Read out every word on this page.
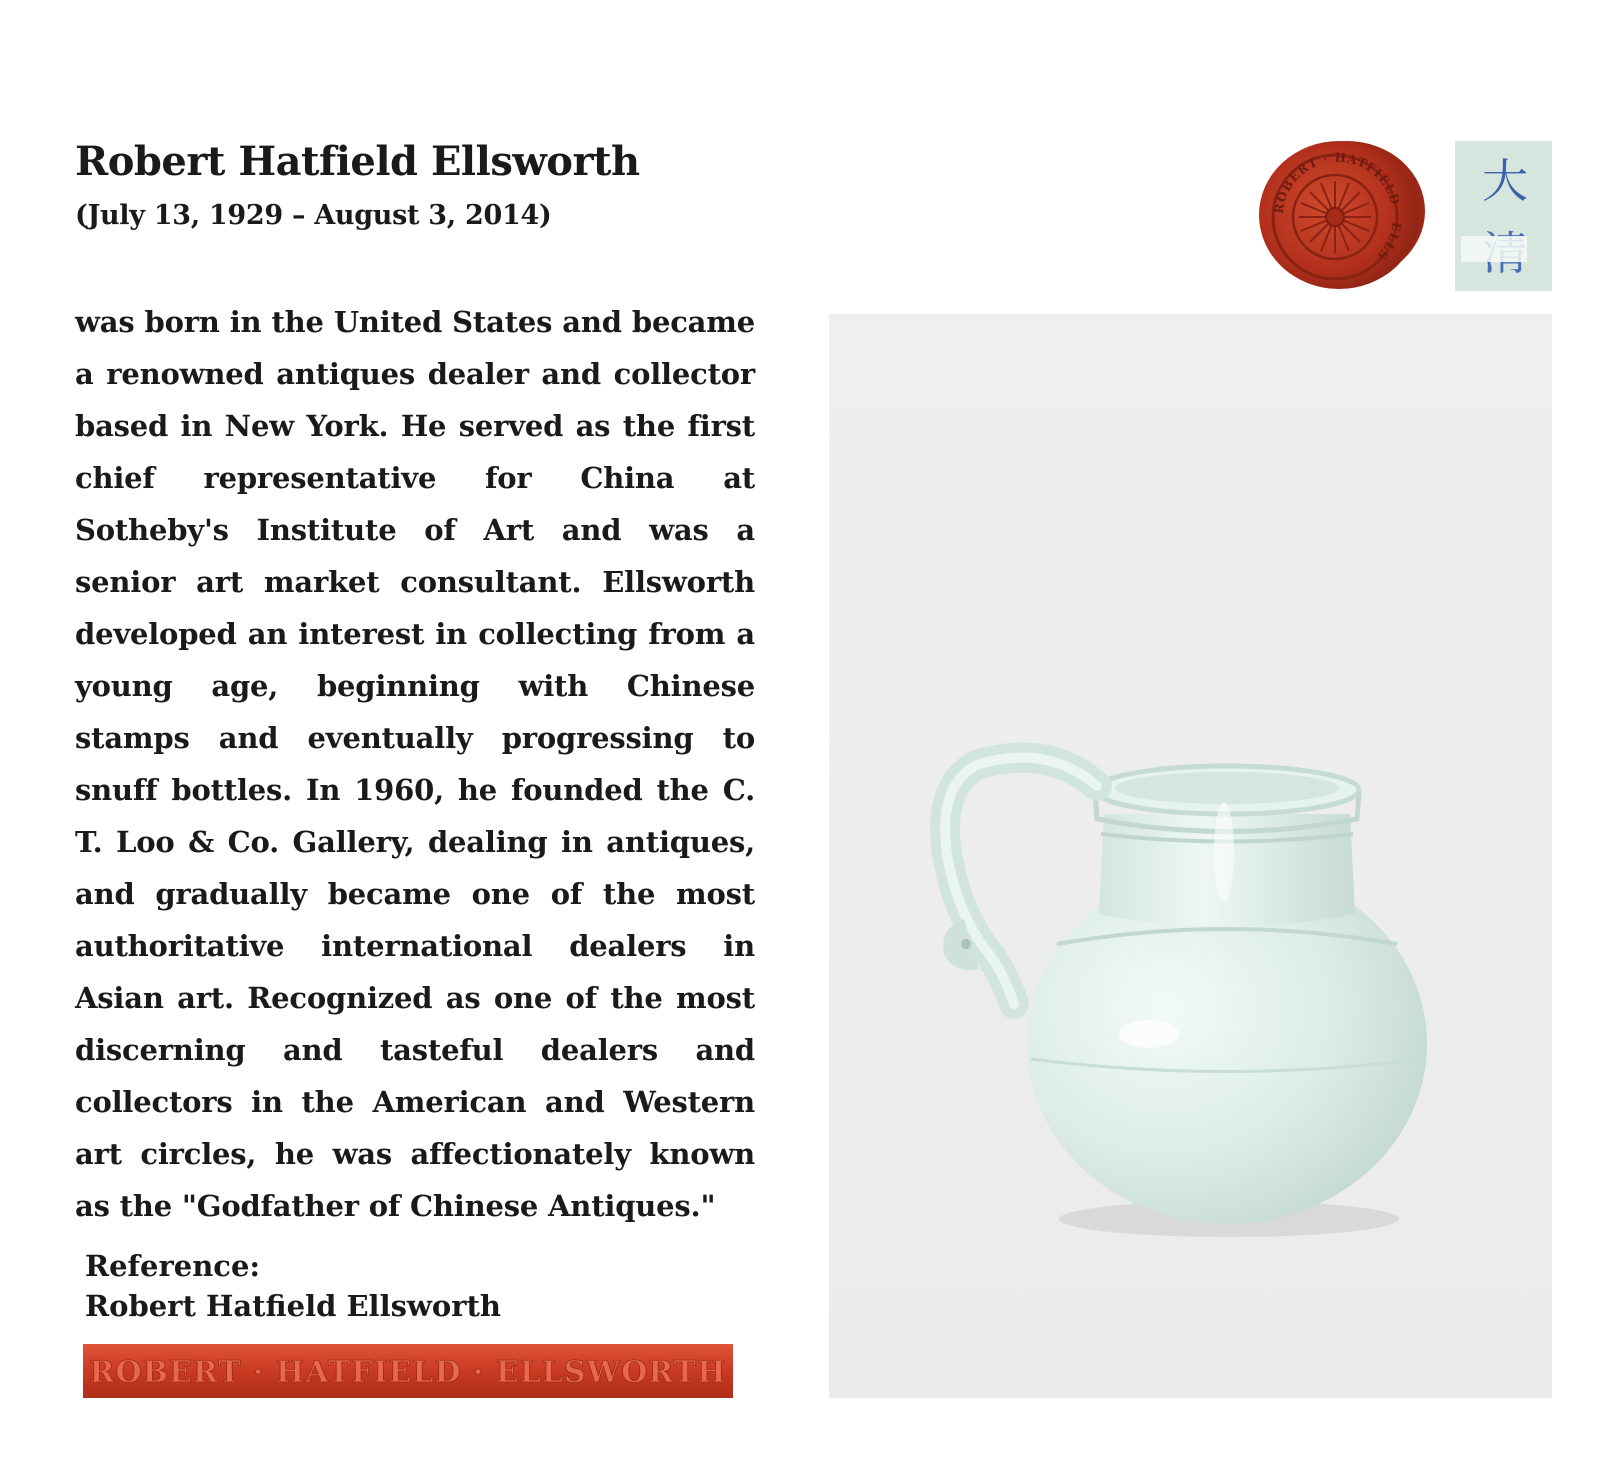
Robert Hatfield Ellsworth
(July 13, 1929 – August 3, 2014)

was born in the United States and became a renowned antiques dealer and collector based in New York. He served as the first chief representative for China at Sotheby's Institute of Art and was a senior art market consultant. Ellsworth developed an interest in collecting from a young age, beginning with Chinese stamps and eventually progressing to snuff bottles. In 1960, he founded the C. T. Loo & Co. Gallery, dealing in antiques, and gradually became one of the most authoritative international dealers in Asian art. Recognized as one of the most discerning and tasteful dealers and collectors in the American and Western art circles, he was affectionately known as the "Godfather of Chinese Antiques."

Reference:
Robert Hatfield Ellsworth
ROBERT · HATFIELD · ELLSWORTH
ROBERT · HATFIELD · ELLS
大
